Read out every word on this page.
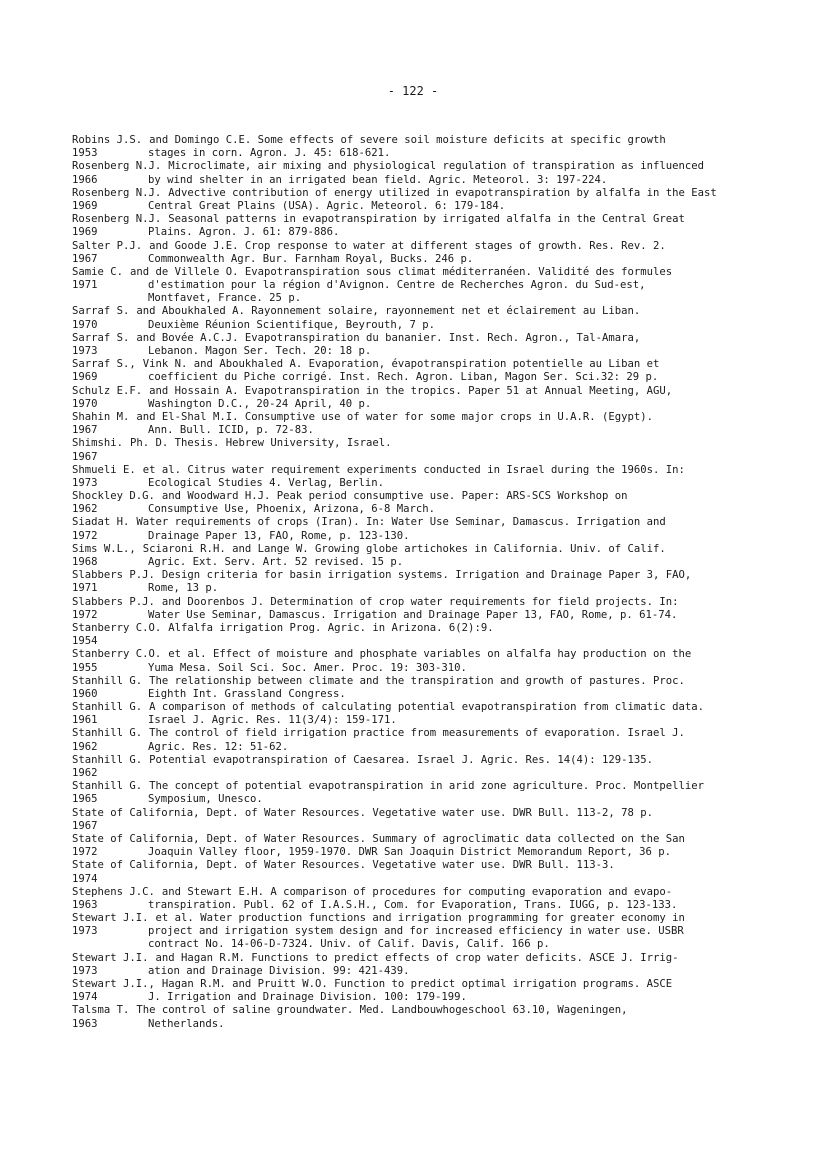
- 122 -
Robins J.S. and Domingo C.E. Some effects of severe soil moisture deficits at specific growth
1953	stages in corn. Agron. J. 45: 618-621.
Rosenberg N.J. Microclimate, air mixing and physiological regulation of transpiration as influenced
1966	by wind shelter in an irrigated bean field. Agric. Meteorol. 3: 197-224.
Rosenberg N.J. Advective contribution of energy utilized in evapotranspiration by alfalfa in the East
1969	Central Great Plains (USA). Agric. Meteorol. 6: 179-184.
Rosenberg N.J. Seasonal patterns in evapotranspiration by irrigated alfalfa in the Central Great
1969	Plains. Agron. J. 61: 879-886.
Salter P.J. and Goode J.E. Crop response to water at different stages of growth. Res. Rev. 2.
1967	Commonwealth Agr. Bur. Farnham Royal, Bucks. 246 p.
Samie C. and de Villele O. Evapotranspiration sous climat méditerranéen. Validité des formules
1971	d'estimation pour la région d'Avignon. Centre de Recherches Agron. du Sud-est,
Montfavet, France. 25 p.
Sarraf S. and Aboukhaled A. Rayonnement solaire, rayonnement net et éclairement au Liban.
1970	Deuxième Réunion Scientifique, Beyrouth, 7 p.
Sarraf S. and Bovée A.C.J. Evapotranspiration du bananier. Inst. Rech. Agron., Tal-Amara,
1973	Lebanon. Magon Ser. Tech. 20: 18 p.
Sarraf S., Vink N. and Aboukhaled A. Evaporation, évapotranspiration potentielle au Liban et
1969	coefficient du Piche corrigé. Inst. Rech. Agron. Liban, Magon Ser. Sci.32: 29 p.
Schulz E.F. and Hossain A. Evapotranspiration in the tropics. Paper 51 at Annual Meeting, AGU,
1970	Washington D.C., 20-24 April, 40 p.
Shahin M. and El-Shal M.I. Consumptive use of water for some major crops in U.A.R. (Egypt).
1967	Ann. Bull. ICID, p. 72-83.
Shimshi. Ph. D. Thesis. Hebrew University, Israel.
1967
Shmueli E. et al. Citrus water requirement experiments conducted in Israel during the 1960s. In:
1973	Ecological Studies 4. Verlag, Berlin.
Shockley D.G. and Woodward H.J. Peak period consumptive use. Paper: ARS-SCS Workshop on
1962	Consumptive Use, Phoenix, Arizona, 6-8 March.
Siadat H. Water requirements of crops (Iran). In: Water Use Seminar, Damascus. Irrigation and
1972	Drainage Paper 13, FAO, Rome, p. 123-130.
Sims W.L., Sciaroni R.H. and Lange W. Growing globe artichokes in California. Univ. of Calif.
1968	Agric. Ext. Serv. Art. 52 revised. 15 p.
Slabbers P.J. Design criteria for basin irrigation systems. Irrigation and Drainage Paper 3, FAO,
1971	Rome, 13 p.
Slabbers P.J. and Doorenbos J. Determination of crop water requirements for field projects. In:
1972	Water Use Seminar, Damascus. Irrigation and Drainage Paper 13, FAO, Rome, p. 61-74.
Stanberry C.O. Alfalfa irrigation Prog. Agric. in Arizona. 6(2):9.
1954
Stanberry C.O. et al. Effect of moisture and phosphate variables on alfalfa hay production on the
1955	Yuma Mesa. Soil Sci. Soc. Amer. Proc. 19: 303-310.
Stanhill G. The relationship between climate and the transpiration and growth of pastures. Proc.
1960	Eighth Int. Grassland Congress.
Stanhill G. A comparison of methods of calculating potential evapotranspiration from climatic data.
1961	Israel J. Agric. Res. 11(3/4): 159-171.
Stanhill G. The control of field irrigation practice from measurements of evaporation. Israel J.
1962	Agric. Res. 12: 51-62.
Stanhill G. Potential evapotranspiration of Caesarea. Israel J. Agric. Res. 14(4): 129-135.
1962
Stanhill G. The concept of potential evapotranspiration in arid zone agriculture. Proc. Montpellier
1965	Symposium, Unesco.
State of California, Dept. of Water Resources. Vegetative water use. DWR Bull. 113-2, 78 p.
1967
State of California, Dept. of Water Resources. Summary of agroclimatic data collected on the San
1972	Joaquin Valley floor, 1959-1970. DWR San Joaquin District Memorandum Report, 36 p.
State of California, Dept. of Water Resources. Vegetative water use. DWR Bull. 113-3.
1974
Stephens J.C. and Stewart E.H. A comparison of procedures for computing evaporation and evapo-
1963	transpiration. Publ. 62 of I.A.S.H., Com. for Evaporation, Trans. IUGG, p. 123-133.
Stewart J.I. et al. Water production functions and irrigation programming for greater economy in
1973	project and irrigation system design and for increased efficiency in water use. USBR
contract No. 14-06-D-7324. Univ. of Calif. Davis, Calif. 166 p.
Stewart J.I. and Hagan R.M. Functions to predict effects of crop water deficits. ASCE J. Irrig-
1973	ation and Drainage Division. 99: 421-439.
Stewart J.I., Hagan R.M. and Pruitt W.O. Function to predict optimal irrigation programs. ASCE
1974	J. Irrigation and Drainage Division. 100: 179-199.
Talsma T. The control of saline groundwater. Med. Landbouwhogeschool 63.10, Wageningen,
1963	Netherlands.
